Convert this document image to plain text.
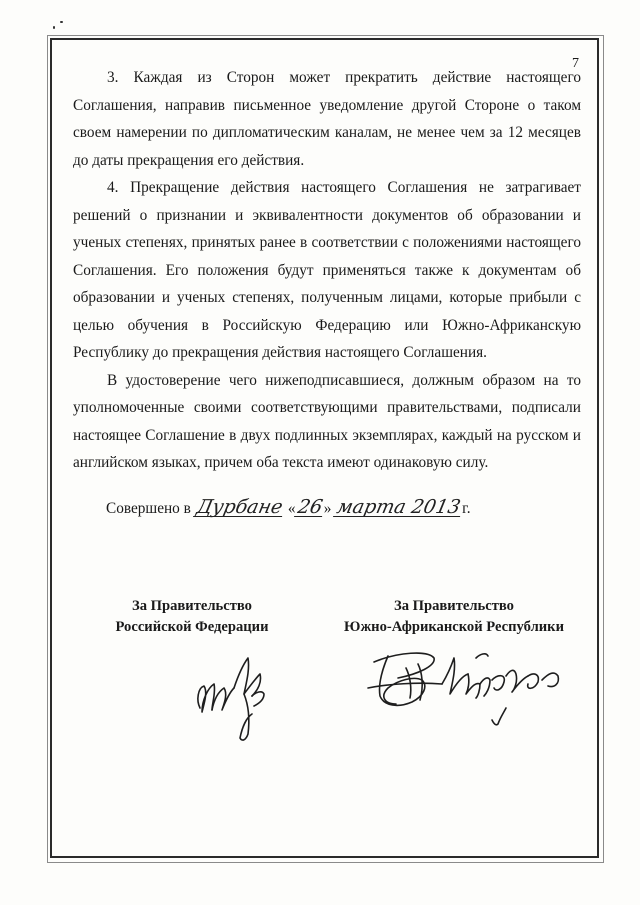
7

3. Каждая из Сторон может прекратить действие настоящего Соглашения, направив письменное уведомление другой Стороне о таком своем намерении по дипломатическим каналам, не менее чем за 12 месяцев до даты прекращения его действия.

4. Прекращение действия настоящего Соглашения не затрагивает решений о признании и эквивалентности документов об образовании и ученых степенях, принятых ранее в соответствии с положениями настоящего Соглашения. Его положения будут применяться также к документам об образовании и ученых степенях, полученным лицами, которые прибыли с целью обучения в Российскую Федерацию или Южно-Африканскую Республику до прекращения действия настоящего Соглашения.

В удостоверение чего нижеподписавшиеся, должным образом на то уполномоченные своими соответствующими правительствами, подписали настоящее Соглашение в двух подлинных экземплярах, каждый на русском и английском языках, причем оба текста имеют одинаковую силу.

Совершено в Дурбане «26» марта 2013г.
За Правительство
Российской Федерации
За Правительство
Южно-Африканской Республики
